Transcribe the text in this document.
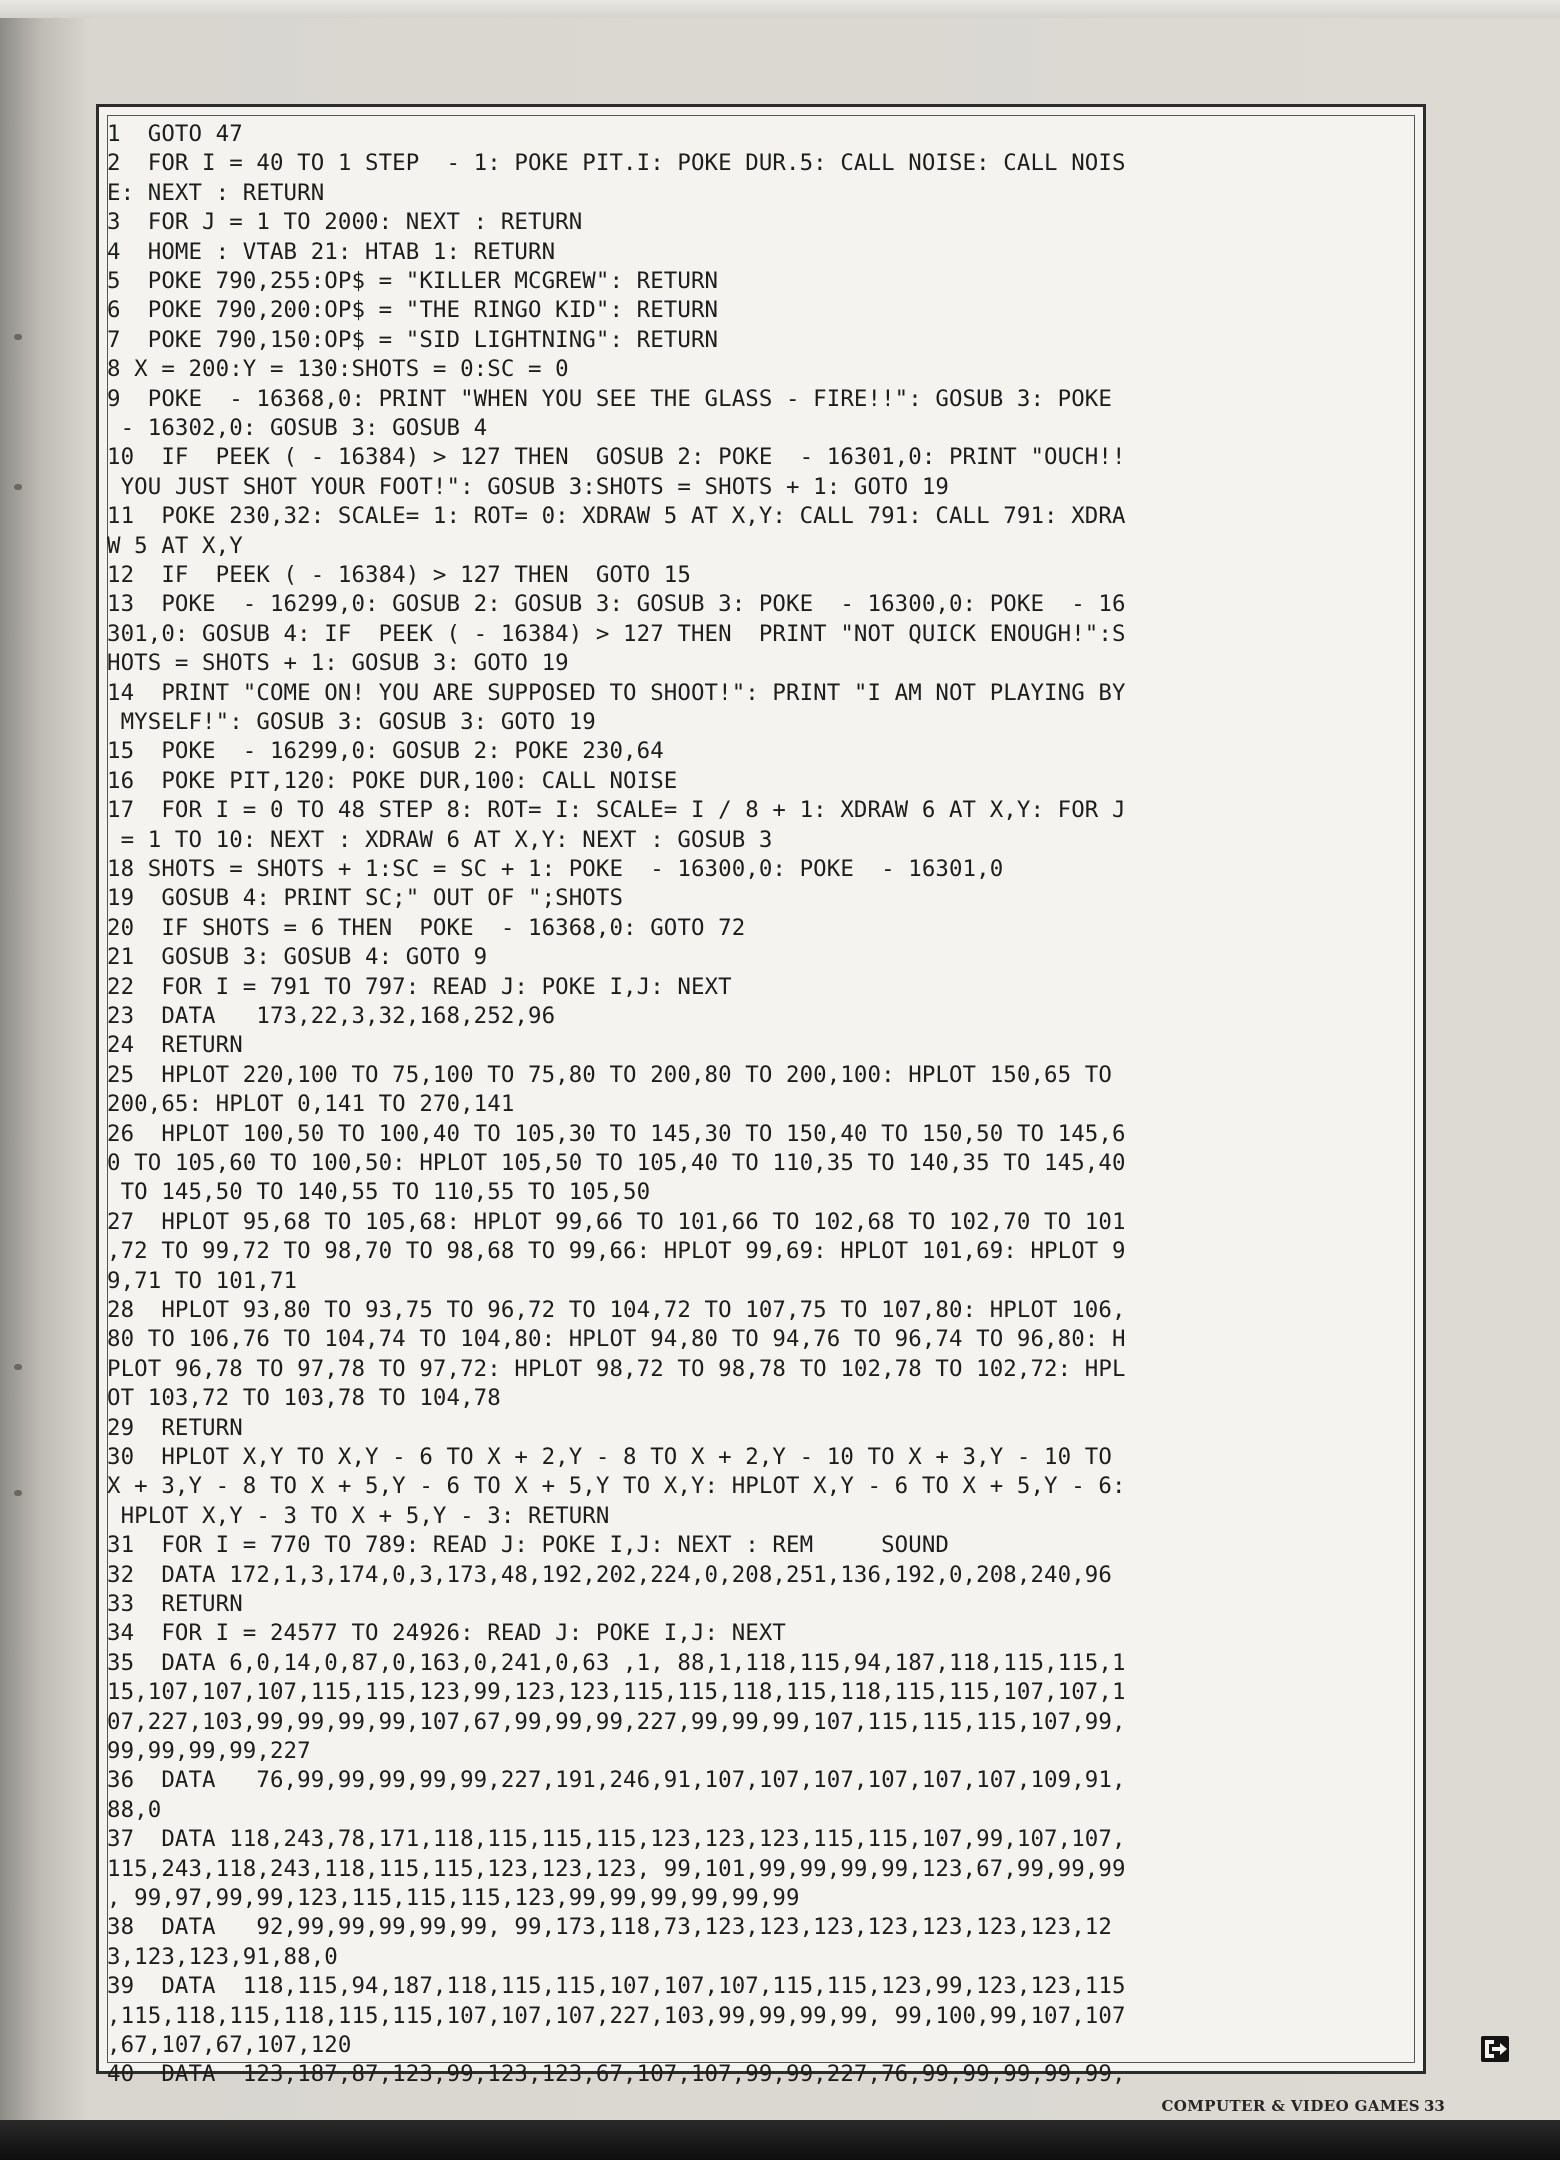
1  GOTO 47
2  FOR I = 40 TO 1 STEP  - 1: POKE PIT.I: POKE DUR.5: CALL NOISE: CALL NOIS
E: NEXT : RETURN
3  FOR J = 1 TO 2000: NEXT : RETURN
4  HOME : VTAB 21: HTAB 1: RETURN
5  POKE 790,255:OP$ = "KILLER MCGREW": RETURN
6  POKE 790,200:OP$ = "THE RINGO KID": RETURN
7  POKE 790,150:OP$ = "SID LIGHTNING": RETURN
8 X = 200:Y = 130:SHOTS = 0:SC = 0
9  POKE  - 16368,0: PRINT "WHEN YOU SEE THE GLASS - FIRE!!": GOSUB 3: POKE
- 16302,0: GOSUB 3: GOSUB 4
10  IF  PEEK ( - 16384) > 127 THEN  GOSUB 2: POKE  - 16301,0: PRINT "OUCH!!
YOU JUST SHOT YOUR FOOT!": GOSUB 3:SHOTS = SHOTS + 1: GOTO 19
11  POKE 230,32: SCALE= 1: ROT= 0: XDRAW 5 AT X,Y: CALL 791: CALL 791: XDRA
W 5 AT X,Y
12  IF  PEEK ( - 16384) > 127 THEN  GOTO 15
13  POKE  - 16299,0: GOSUB 2: GOSUB 3: GOSUB 3: POKE  - 16300,0: POKE  - 16
301,0: GOSUB 4: IF  PEEK ( - 16384) > 127 THEN  PRINT "NOT QUICK ENOUGH!":S
HOTS = SHOTS + 1: GOSUB 3: GOTO 19
14  PRINT "COME ON! YOU ARE SUPPOSED TO SHOOT!": PRINT "I AM NOT PLAYING BY
MYSELF!": GOSUB 3: GOSUB 3: GOTO 19
15  POKE  - 16299,0: GOSUB 2: POKE 230,64
16  POKE PIT,120: POKE DUR,100: CALL NOISE
17  FOR I = 0 TO 48 STEP 8: ROT= I: SCALE= I / 8 + 1: XDRAW 6 AT X,Y: FOR J
= 1 TO 10: NEXT : XDRAW 6 AT X,Y: NEXT : GOSUB 3
18 SHOTS = SHOTS + 1:SC = SC + 1: POKE  - 16300,0: POKE  - 16301,0
19  GOSUB 4: PRINT SC;" OUT OF ";SHOTS
20  IF SHOTS = 6 THEN  POKE  - 16368,0: GOTO 72
21  GOSUB 3: GOSUB 4: GOTO 9
22  FOR I = 791 TO 797: READ J: POKE I,J: NEXT
23  DATA   173,22,3,32,168,252,96
24  RETURN
25  HPLOT 220,100 TO 75,100 TO 75,80 TO 200,80 TO 200,100: HPLOT 150,65 TO
200,65: HPLOT 0,141 TO 270,141
26  HPLOT 100,50 TO 100,40 TO 105,30 TO 145,30 TO 150,40 TO 150,50 TO 145,6
0 TO 105,60 TO 100,50: HPLOT 105,50 TO 105,40 TO 110,35 TO 140,35 TO 145,40
TO 145,50 TO 140,55 TO 110,55 TO 105,50
27  HPLOT 95,68 TO 105,68: HPLOT 99,66 TO 101,66 TO 102,68 TO 102,70 TO 101
,72 TO 99,72 TO 98,70 TO 98,68 TO 99,66: HPLOT 99,69: HPLOT 101,69: HPLOT 9
9,71 TO 101,71
28  HPLOT 93,80 TO 93,75 TO 96,72 TO 104,72 TO 107,75 TO 107,80: HPLOT 106,
80 TO 106,76 TO 104,74 TO 104,80: HPLOT 94,80 TO 94,76 TO 96,74 TO 96,80: H
PLOT 96,78 TO 97,78 TO 97,72: HPLOT 98,72 TO 98,78 TO 102,78 TO 102,72: HPL
OT 103,72 TO 103,78 TO 104,78
29  RETURN
30  HPLOT X,Y TO X,Y - 6 TO X + 2,Y - 8 TO X + 2,Y - 10 TO X + 3,Y - 10 TO
X + 3,Y - 8 TO X + 5,Y - 6 TO X + 5,Y TO X,Y: HPLOT X,Y - 6 TO X + 5,Y - 6:
HPLOT X,Y - 3 TO X + 5,Y - 3: RETURN
31  FOR I = 770 TO 789: READ J: POKE I,J: NEXT : REM     SOUND
32  DATA 172,1,3,174,0,3,173,48,192,202,224,0,208,251,136,192,0,208,240,96
33  RETURN
34  FOR I = 24577 TO 24926: READ J: POKE I,J: NEXT
35  DATA 6,0,14,0,87,0,163,0,241,0,63 ,1, 88,1,118,115,94,187,118,115,115,1
15,107,107,107,115,115,123,99,123,123,115,115,118,115,118,115,115,107,107,1
07,227,103,99,99,99,99,107,67,99,99,99,227,99,99,99,107,115,115,115,107,99,
99,99,99,99,227
36  DATA   76,99,99,99,99,99,227,191,246,91,107,107,107,107,107,107,109,91,
88,0
37  DATA 118,243,78,171,118,115,115,115,123,123,123,115,115,107,99,107,107,
115,243,118,243,118,115,115,123,123,123, 99,101,99,99,99,99,123,67,99,99,99
, 99,97,99,99,123,115,115,115,123,99,99,99,99,99,99
38  DATA   92,99,99,99,99,99, 99,173,118,73,123,123,123,123,123,123,123,12
3,123,123,91,88,0
39  DATA  118,115,94,187,118,115,115,107,107,107,115,115,123,99,123,123,115
,115,118,115,118,115,115,107,107,107,227,103,99,99,99,99, 99,100,99,107,107
,67,107,67,107,120
40  DATA  123,187,87,123,99,123,123,67,107,107,99,99,227,76,99,99,99,99,99,
COMPUTER & VIDEO GAMES 33
